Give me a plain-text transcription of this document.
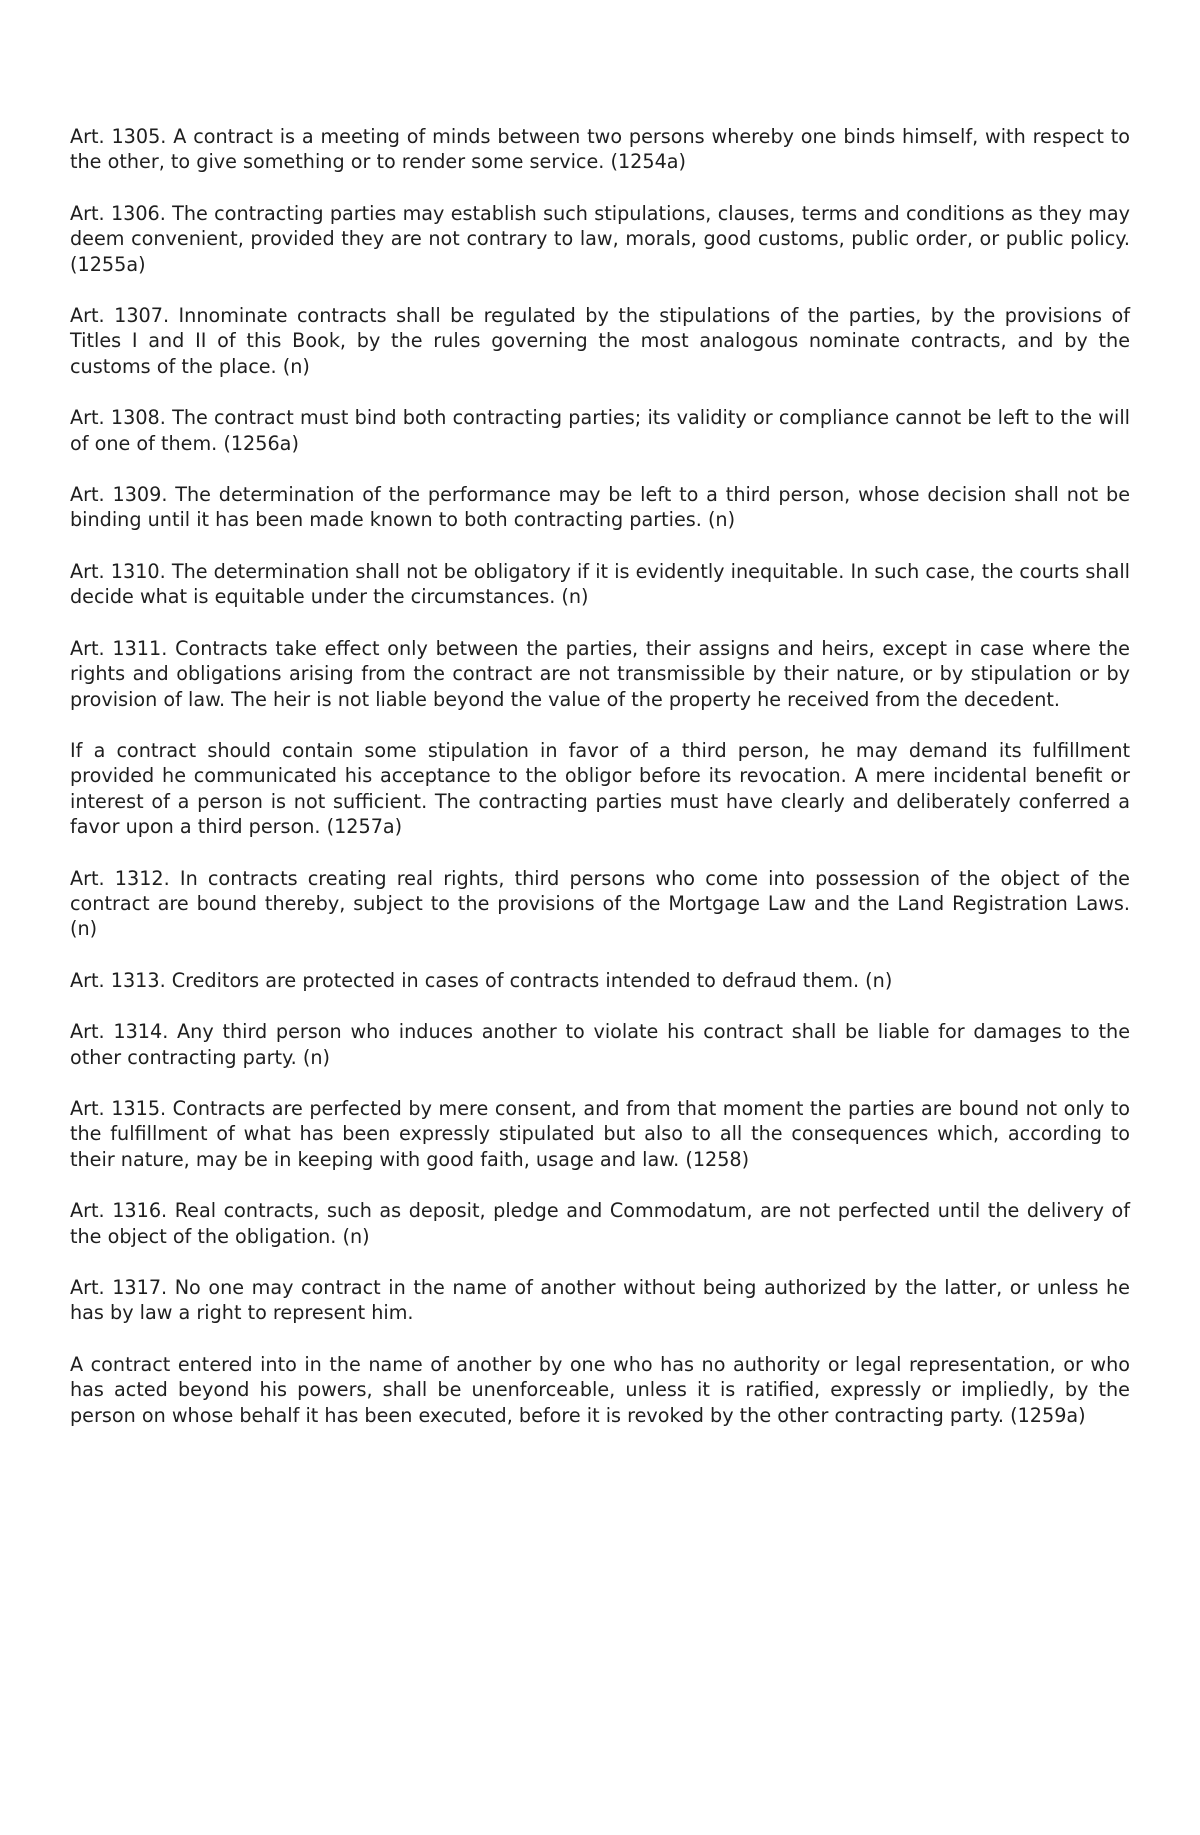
Art. 1305. A contract is a meeting of minds between two persons whereby one binds himself, with respect to the other, to give something or to render some service. (1254a)

Art. 1306. The contracting parties may establish such stipulations, clauses, terms and conditions as they may deem convenient, provided they are not contrary to law, morals, good customs, public order, or public policy. (1255a)

Art. 1307. Innominate contracts shall be regulated by the stipulations of the parties, by the provisions of Titles I and II of this Book, by the rules governing the most analogous nominate contracts, and by the customs of the place. (n)

Art. 1308. The contract must bind both contracting parties; its validity or compliance cannot be left to the will of one of them. (1256a)

Art. 1309. The determination of the performance may be left to a third person, whose decision shall not be binding until it has been made known to both contracting parties. (n)

Art. 1310. The determination shall not be obligatory if it is evidently inequitable. In such case, the courts shall decide what is equitable under the circumstances. (n)

Art. 1311. Contracts take effect only between the parties, their assigns and heirs, except in case where the rights and obligations arising from the contract are not transmissible by their nature, or by stipulation or by provision of law. The heir is not liable beyond the value of the property he received from the decedent.

If a contract should contain some stipulation in favor of a third person, he may demand its fulfillment provided he communicated his acceptance to the obligor before its revocation. A mere incidental benefit or interest of a person is not sufficient. The contracting parties must have clearly and deliberately conferred a favor upon a third person. (1257a)

Art. 1312. In contracts creating real rights, third persons who come into possession of the object of the contract are bound thereby, subject to the provisions of the Mortgage Law and the Land Registration Laws. (n)

Art. 1313. Creditors are protected in cases of contracts intended to defraud them. (n)

Art. 1314. Any third person who induces another to violate his contract shall be liable for damages to the other contracting party. (n)

Art. 1315. Contracts are perfected by mere consent, and from that moment the parties are bound not only to the fulfillment of what has been expressly stipulated but also to all the consequences which, according to their nature, may be in keeping with good faith, usage and law. (1258)

Art. 1316. Real contracts, such as deposit, pledge and Commodatum, are not perfected until the delivery of the object of the obligation. (n)

Art. 1317. No one may contract in the name of another without being authorized by the latter, or unless he has by law a right to represent him.

A contract entered into in the name of another by one who has no authority or legal representation, or who has acted beyond his powers, shall be unenforceable, unless it is ratified, expressly or impliedly, by the person on whose behalf it has been executed, before it is revoked by the other contracting party. (1259a)
